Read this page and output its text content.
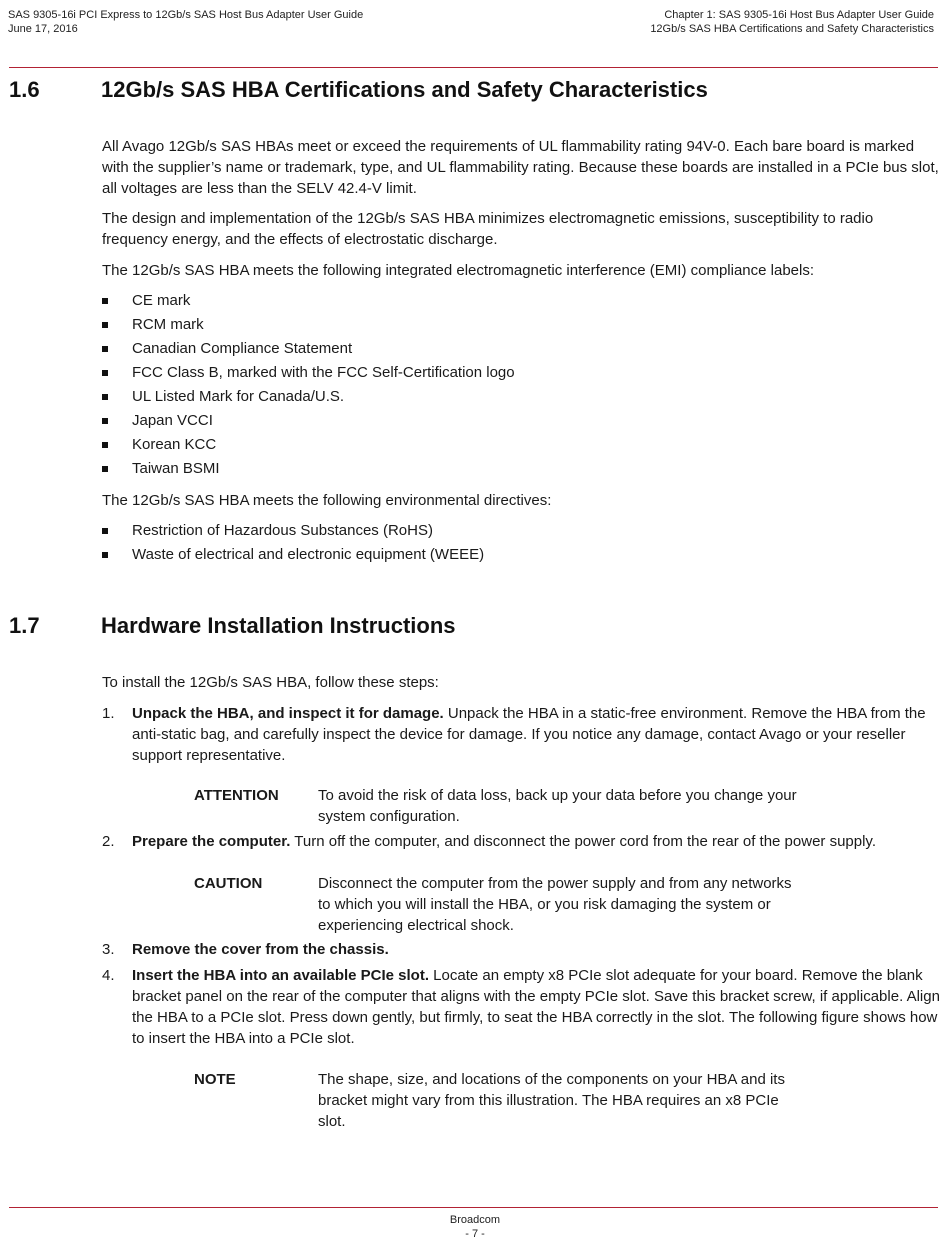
SAS 9305-16i PCI Express to 12Gb/s SAS Host Bus Adapter User Guide
June 17, 2016
Chapter 1: SAS 9305-16i Host Bus Adapter User Guide
12Gb/s SAS HBA Certifications and Safety Characteristics
1.6	12Gb/s SAS HBA Certifications and Safety Characteristics

All Avago 12Gb/s SAS HBAs meet or exceed the requirements of UL flammability rating 94V-0. Each bare board is marked with the supplier’s name or trademark, type, and UL flammability rating. Because these boards are installed in a PCIe bus slot, all voltages are less than the SELV 42.4-V limit.

The design and implementation of the 12Gb/s SAS HBA minimizes electromagnetic emissions, susceptibility to radio frequency energy, and the effects of electrostatic discharge.

The 12Gb/s SAS HBA meets the following integrated electromagnetic interference (EMI) compliance labels:

CE mark
RCM mark
Canadian Compliance Statement
FCC Class B, marked with the FCC Self-Certification logo
UL Listed Mark for Canada/U.S.
Japan VCCI
Korean KCC
Taiwan BSMI

The 12Gb/s SAS HBA meets the following environmental directives:

Restriction of Hazardous Substances (RoHS)
Waste of electrical and electronic equipment (WEEE)
1.7	Hardware Installation Instructions

To install the 12Gb/s SAS HBA, follow these steps:

1. Unpack the HBA, and inspect it for damage. Unpack the HBA in a static-free environment. Remove the HBA from the anti-static bag, and carefully inspect the device for damage. If you notice any damage, contact Avago or your reseller support representative.
ATTENTION	To avoid the risk of data loss, back up your data before you change your system configuration.
2. Prepare the computer. Turn off the computer, and disconnect the power cord from the rear of the power supply.
CAUTION	Disconnect the computer from the power supply and from any networks to which you will install the HBA, or you risk damaging the system or experiencing electrical shock.
3. Remove the cover from the chassis.
4. Insert the HBA into an available PCIe slot. Locate an empty x8 PCIe slot adequate for your board. Remove the blank bracket panel on the rear of the computer that aligns with the empty PCIe slot. Save this bracket screw, if applicable. Align the HBA to a PCIe slot. Press down gently, but firmly, to seat the HBA correctly in the slot. The following figure shows how to insert the HBA into a PCIe slot.
NOTE	The shape, size, and locations of the components on your HBA and its bracket might vary from this illustration. The HBA requires an x8 PCIe slot.
Broadcom
- 7 -
